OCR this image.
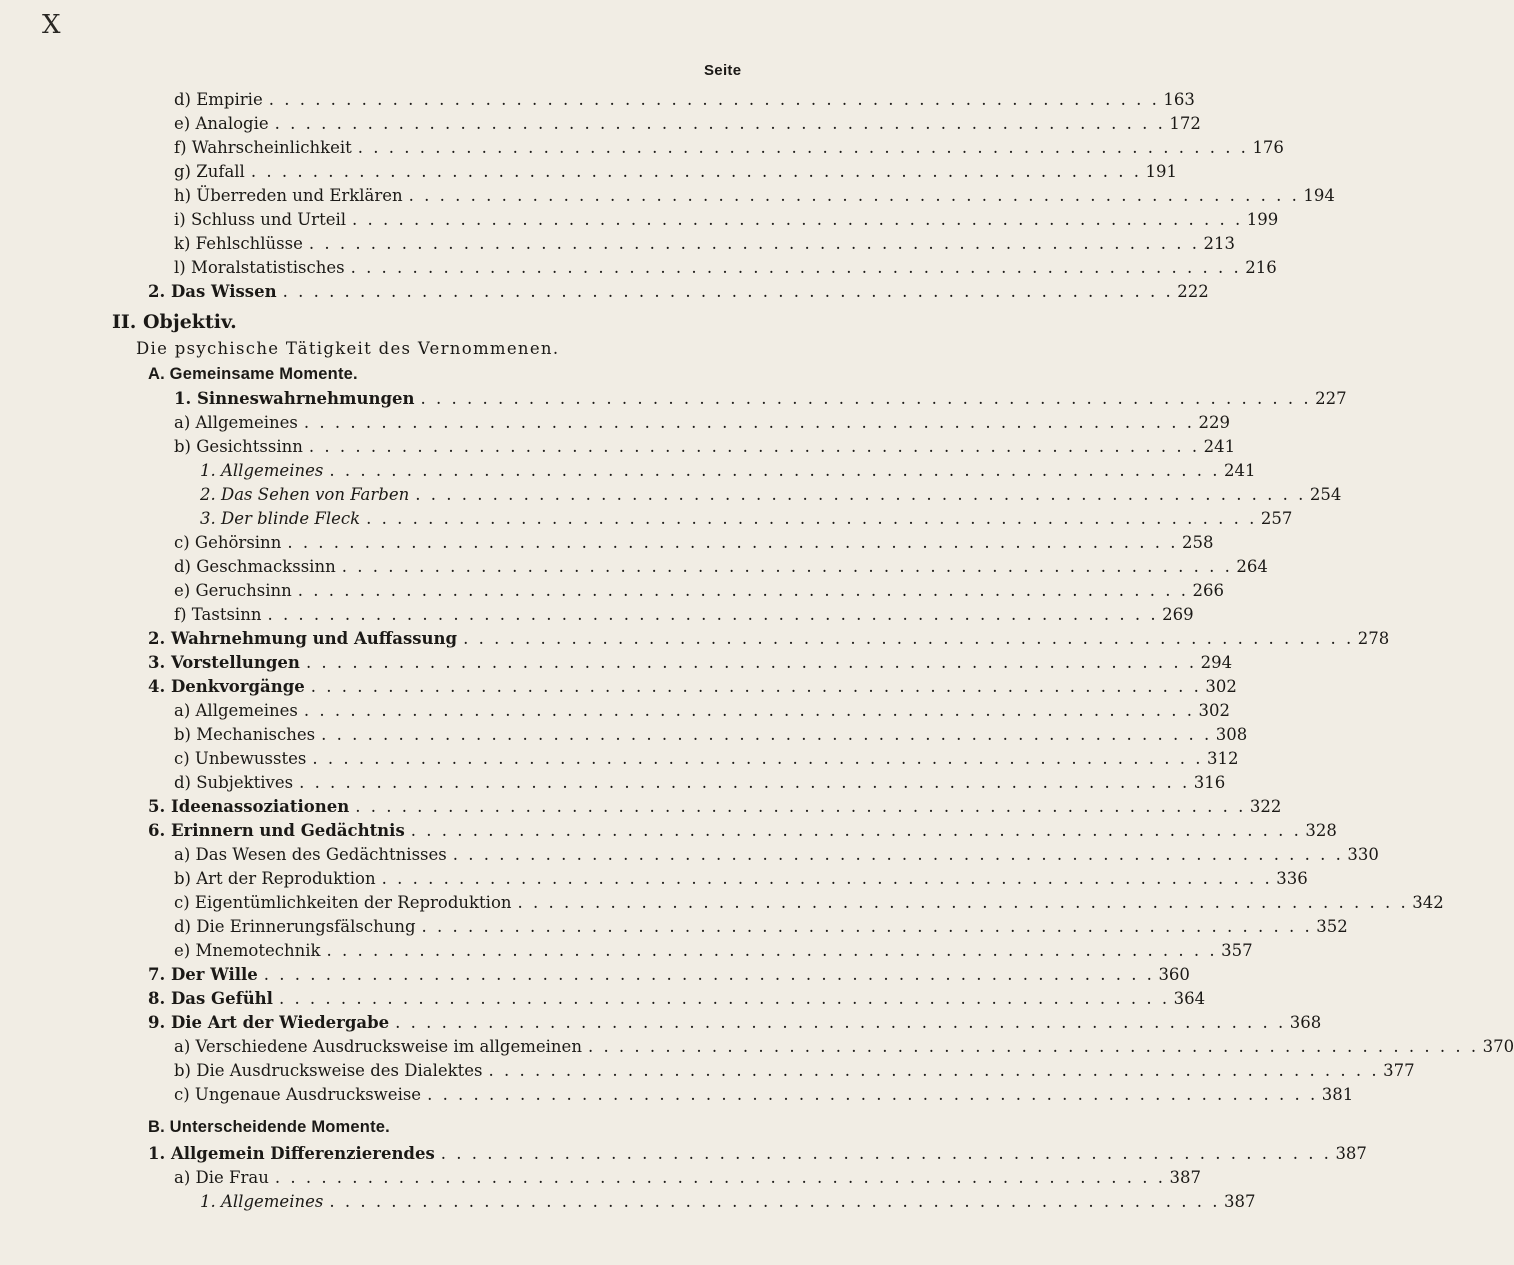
X
Seite
d) Empirie . . . . . . . . . . . . . . . . . . . . . . . . . . . . . . . . . . . . . . . . . . . . . . . . . . . . . . . . . . 163
e) Analogie . . . . . . . . . . . . . . . . . . . . . . . . . . . . . . . . . . . . . . . . . . . . . . . . . . . . . . . . . . 172
f) Wahrscheinlichkeit . . . . . . . . . . . . . . . . . . . . . . . . . . . . . . . . . . . . . . . . . . . . . . . . . . . . . . . . . . 176
g) Zufall . . . . . . . . . . . . . . . . . . . . . . . . . . . . . . . . . . . . . . . . . . . . . . . . . . . . . . . . . . 191
h) Überreden und Erklären . . . . . . . . . . . . . . . . . . . . . . . . . . . . . . . . . . . . . . . . . . . . . . . . . . . . . . . . . . 194
i) Schluss und Urteil . . . . . . . . . . . . . . . . . . . . . . . . . . . . . . . . . . . . . . . . . . . . . . . . . . . . . . . . . . 199
k) Fehlschlüsse . . . . . . . . . . . . . . . . . . . . . . . . . . . . . . . . . . . . . . . . . . . . . . . . . . . . . . . . . . 213
l) Moralstatistisches . . . . . . . . . . . . . . . . . . . . . . . . . . . . . . . . . . . . . . . . . . . . . . . . . . . . . . . . . . 216
2. Das Wissen . . . . . . . . . . . . . . . . . . . . . . . . . . . . . . . . . . . . . . . . . . . . . . . . . . . . . . . . . . 222
II. Objektiv.
Die psychische Tätigkeit des Vernommenen.
A. Gemeinsame Momente.
1. Sinneswahrnehmungen . . . . . . . . . . . . . . . . . . . . . . . . . . . . . . . . . . . . . . . . . . . . . . . . . . . . . . . . . . 227
a) Allgemeines . . . . . . . . . . . . . . . . . . . . . . . . . . . . . . . . . . . . . . . . . . . . . . . . . . . . . . . . . . 229
b) Gesichtssinn . . . . . . . . . . . . . . . . . . . . . . . . . . . . . . . . . . . . . . . . . . . . . . . . . . . . . . . . . . 241
1. Allgemeines . . . . . . . . . . . . . . . . . . . . . . . . . . . . . . . . . . . . . . . . . . . . . . . . . . . . . . . . . . 241
2. Das Sehen von Farben . . . . . . . . . . . . . . . . . . . . . . . . . . . . . . . . . . . . . . . . . . . . . . . . . . . . . . . . . . 254
3. Der blinde Fleck . . . . . . . . . . . . . . . . . . . . . . . . . . . . . . . . . . . . . . . . . . . . . . . . . . . . . . . . . . 257
c) Gehörsinn . . . . . . . . . . . . . . . . . . . . . . . . . . . . . . . . . . . . . . . . . . . . . . . . . . . . . . . . . . 258
d) Geschmackssinn . . . . . . . . . . . . . . . . . . . . . . . . . . . . . . . . . . . . . . . . . . . . . . . . . . . . . . . . . . 264
e) Geruchsinn . . . . . . . . . . . . . . . . . . . . . . . . . . . . . . . . . . . . . . . . . . . . . . . . . . . . . . . . . . 266
f) Tastsinn . . . . . . . . . . . . . . . . . . . . . . . . . . . . . . . . . . . . . . . . . . . . . . . . . . . . . . . . . . 269
2. Wahrnehmung und Auffassung . . . . . . . . . . . . . . . . . . . . . . . . . . . . . . . . . . . . . . . . . . . . . . . . . . . . . . . . . . 278
3. Vorstellungen . . . . . . . . . . . . . . . . . . . . . . . . . . . . . . . . . . . . . . . . . . . . . . . . . . . . . . . . . . 294
4. Denkvorgänge . . . . . . . . . . . . . . . . . . . . . . . . . . . . . . . . . . . . . . . . . . . . . . . . . . . . . . . . . . 302
a) Allgemeines . . . . . . . . . . . . . . . . . . . . . . . . . . . . . . . . . . . . . . . . . . . . . . . . . . . . . . . . . . 302
b) Mechanisches . . . . . . . . . . . . . . . . . . . . . . . . . . . . . . . . . . . . . . . . . . . . . . . . . . . . . . . . . . 308
c) Unbewusstes . . . . . . . . . . . . . . . . . . . . . . . . . . . . . . . . . . . . . . . . . . . . . . . . . . . . . . . . . . 312
d) Subjektives . . . . . . . . . . . . . . . . . . . . . . . . . . . . . . . . . . . . . . . . . . . . . . . . . . . . . . . . . . 316
5. Ideenassoziationen . . . . . . . . . . . . . . . . . . . . . . . . . . . . . . . . . . . . . . . . . . . . . . . . . . . . . . . . . . 322
6. Erinnern und Gedächtnis . . . . . . . . . . . . . . . . . . . . . . . . . . . . . . . . . . . . . . . . . . . . . . . . . . . . . . . . . . 328
a) Das Wesen des Gedächtnisses . . . . . . . . . . . . . . . . . . . . . . . . . . . . . . . . . . . . . . . . . . . . . . . . . . . . . . . . . . 330
b) Art der Reproduktion . . . . . . . . . . . . . . . . . . . . . . . . . . . . . . . . . . . . . . . . . . . . . . . . . . . . . . . . . . 336
c) Eigentümlichkeiten der Reproduktion . . . . . . . . . . . . . . . . . . . . . . . . . . . . . . . . . . . . . . . . . . . . . . . . . . . . . . . . . . 342
d) Die Erinnerungsfälschung . . . . . . . . . . . . . . . . . . . . . . . . . . . . . . . . . . . . . . . . . . . . . . . . . . . . . . . . . . 352
e) Mnemotechnik . . . . . . . . . . . . . . . . . . . . . . . . . . . . . . . . . . . . . . . . . . . . . . . . . . . . . . . . . . 357
7. Der Wille . . . . . . . . . . . . . . . . . . . . . . . . . . . . . . . . . . . . . . . . . . . . . . . . . . . . . . . . . . 360
8. Das Gefühl . . . . . . . . . . . . . . . . . . . . . . . . . . . . . . . . . . . . . . . . . . . . . . . . . . . . . . . . . . 364
9. Die Art der Wiedergabe . . . . . . . . . . . . . . . . . . . . . . . . . . . . . . . . . . . . . . . . . . . . . . . . . . . . . . . . . . 368
a) Verschiedene Ausdrucksweise im allgemeinen . . . . . . . . . . . . . . . . . . . . . . . . . . . . . . . . . . . . . . . . . . . . . . . . . . . . . . . . . . 370
b) Die Ausdrucksweise des Dialektes . . . . . . . . . . . . . . . . . . . . . . . . . . . . . . . . . . . . . . . . . . . . . . . . . . . . . . . . . . 377
c) Ungenaue Ausdrucksweise . . . . . . . . . . . . . . . . . . . . . . . . . . . . . . . . . . . . . . . . . . . . . . . . . . . . . . . . . . 381
B. Unterscheidende Momente.
1. Allgemein Differenzierendes . . . . . . . . . . . . . . . . . . . . . . . . . . . . . . . . . . . . . . . . . . . . . . . . . . . . . . . . . . 387
a) Die Frau . . . . . . . . . . . . . . . . . . . . . . . . . . . . . . . . . . . . . . . . . . . . . . . . . . . . . . . . . . 387
1. Allgemeines . . . . . . . . . . . . . . . . . . . . . . . . . . . . . . . . . . . . . . . . . . . . . . . . . . . . . . . . . . 387
